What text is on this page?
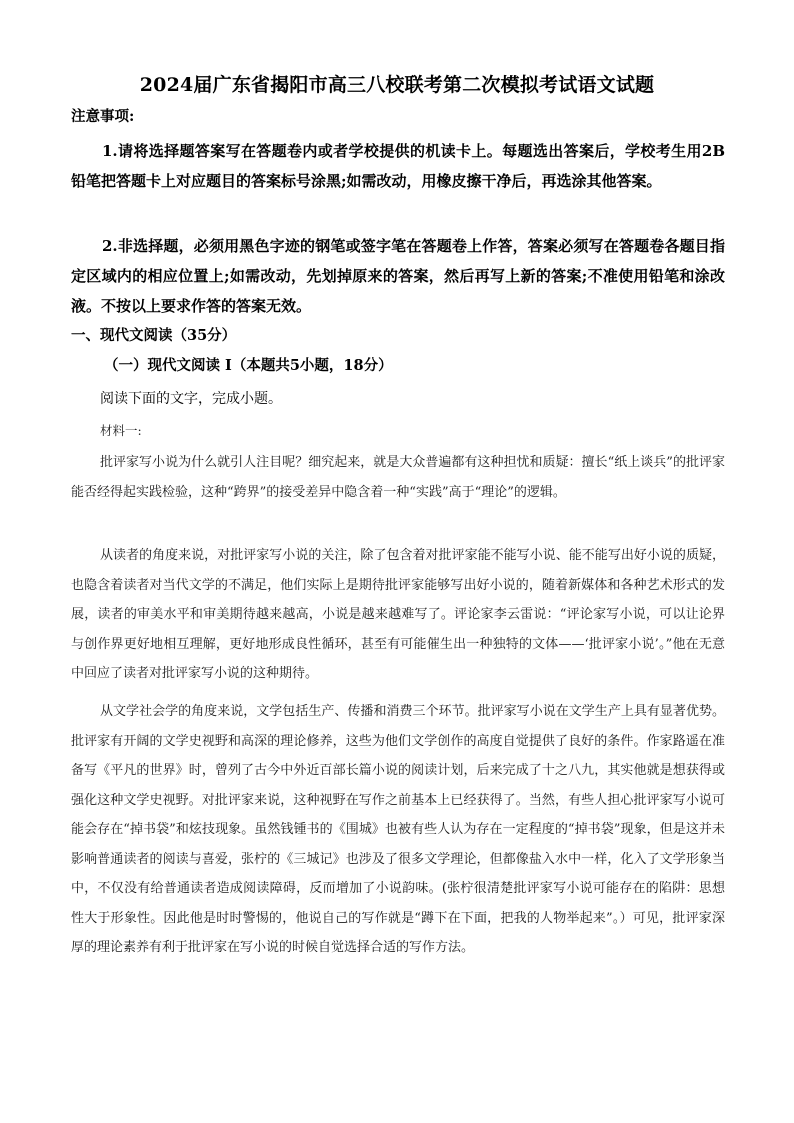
2024届广东省揭阳市高三八校联考第二次模拟考试语文试题
注意事项:
1.请将选择题答案写在答题卷内或者学校提供的机读卡上。每题选出答案后，学校考生用2B铅笔把答题卡上对应题目的答案标号涂黑;如需改动，用橡皮擦干净后，再选涂其他答案。
2.非选择题，必须用黑色字迹的钢笔或签字笔在答题卷上作答，答案必须写在答题卷各题目指定区域内的相应位置上;如需改动，先划掉原来的答案，然后再写上新的答案;不准使用铅笔和涂改液。不按以上要求作答的答案无效。
一、现代文阅读（35分）
（一）现代文阅读 I（本题共5小题，18分）
阅读下面的文字，完成小题。
材料一:
批评家写小说为什么就引人注目呢？细究起来，就是大众普遍都有这种担忧和质疑：擅长“纸上谈兵”的批评家能否经得起实践检验，这种“跨界”的接受差异中隐含着一种“实践”高于“理论”的逻辑。
从读者的角度来说，对批评家写小说的关注，除了包含着对批评家能不能写小说、能不能写出好小说的质疑，也隐含着读者对当代文学的不满足，他们实际上是期待批评家能够写出好小说的，随着新媒体和各种艺术形式的发展，读者的审美水平和审美期待越来越高，小说是越来越难写了。评论家李云雷说：“评论家写小说，可以让论界与创作界更好地相互理解，更好地形成良性循环，甚至有可能催生出一种独特的文体——‘批评家小说’。”他在无意中回应了读者对批评家写小说的这种期待。
从文学社会学的角度来说，文学包括生产、传播和消费三个环节。批评家写小说在文学生产上具有显著优势。批评家有开阔的文学史视野和高深的理论修养，这些为他们文学创作的高度自觉提供了良好的条件。作家路遥在准备写《平凡的世界》时，曾列了古今中外近百部长篇小说的阅读计划，后来完成了十之八九，其实他就是想获得或强化这种文学史视野。对批评家来说，这种视野在写作之前基本上已经获得了。当然，有些人担心批评家写小说可能会存在“掉书袋”和炫技现象。虽然钱锺书的《围城》也被有些人认为存在一定程度的“掉书袋”现象，但是这并未影响普通读者的阅读与喜爱，张柠的《三城记》也涉及了很多文学理论，但都像盐入水中一样，化入了文学形象当中，不仅没有给普通读者造成阅读障碍，反而增加了小说韵味。(张柠很清楚批评家写小说可能存在的陷阱：思想性大于形象性。因此他是时时警惕的，他说自己的写作就是“蹲下在下面，把我的人物举起来”。）可见，批评家深厚的理论素养有利于批评家在写小说的时候自觉选择合适的写作方法。
